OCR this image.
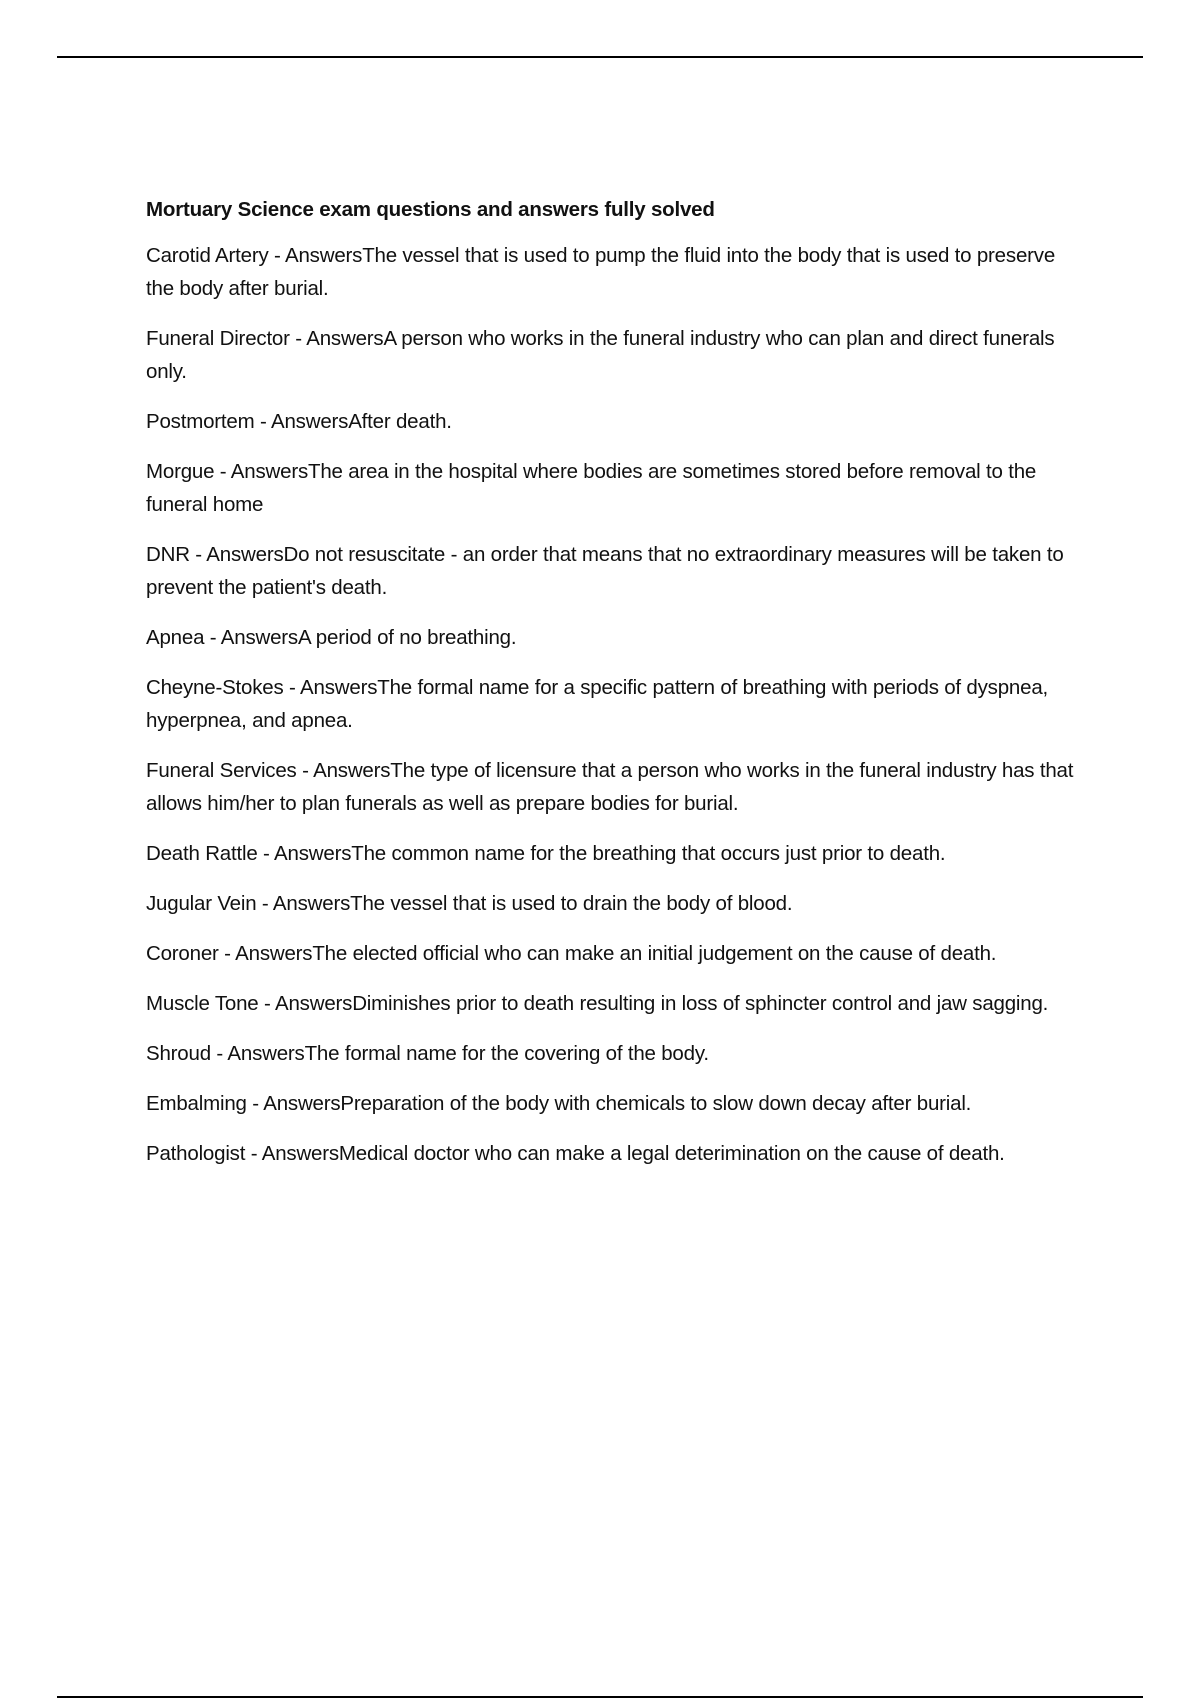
Mortuary Science exam questions and answers fully solved
Carotid Artery - AnswersThe vessel that is used to pump the fluid into the body that is used to preserve the body after burial.
Funeral Director - AnswersA person who works in the funeral industry who can plan and direct funerals only.
Postmortem - AnswersAfter death.
Morgue - AnswersThe area in the hospital where bodies are sometimes stored before removal to the funeral home
DNR - AnswersDo not resuscitate - an order that means that no extraordinary measures will be taken to prevent the patient's death.
Apnea - AnswersA period of no breathing.
Cheyne-Stokes - AnswersThe formal name for a specific pattern of breathing with periods of dyspnea, hyperpnea, and apnea.
Funeral Services - AnswersThe type of licensure that a person who works in the funeral industry has that allows him/her to plan funerals as well as prepare bodies for burial.
Death Rattle - AnswersThe common name for the breathing that occurs just prior to death.
Jugular Vein - AnswersThe vessel that is used to drain the body of blood.
Coroner - AnswersThe elected official who can make an initial judgement on the cause of death.
Muscle Tone - AnswersDiminishes prior to death resulting in loss of sphincter control and jaw sagging.
Shroud - AnswersThe formal name for the covering of the body.
Embalming - AnswersPreparation of the body with chemicals to slow down decay after burial.
Pathologist - AnswersMedical doctor who can make a legal deterimination on the cause of death.
